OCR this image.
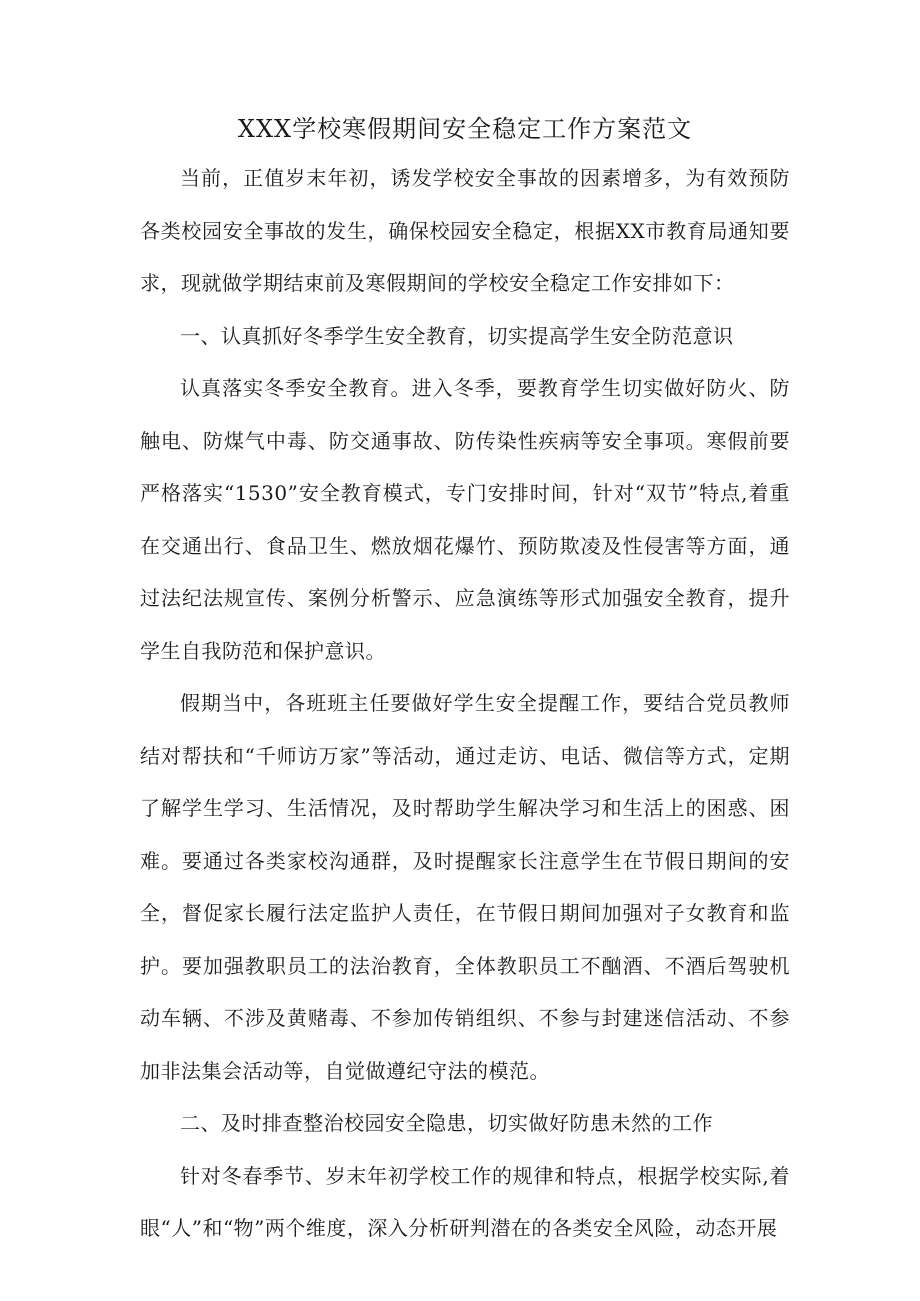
XXX学校寒假期间安全稳定工作方案范文

当前，正值岁末年初，诱发学校安全事故的因素增多，为有效预防各类校园安全事故的发生，确保校园安全稳定，根据XX市教育局通知要求，现就做学期结束前及寒假期间的学校安全稳定工作安排如下：

一、认真抓好冬季学生安全教育，切实提高学生安全防范意识

认真落实冬季安全教育。进入冬季，要教育学生切实做好防火、防触电、防煤气中毒、防交通事故、防传染性疾病等安全事项。寒假前要严格落实“1530”安全教育模式，专门安排时间，针对“双节”特点,着重在交通出行、食品卫生、燃放烟花爆竹、预防欺凌及性侵害等方面，通过法纪法规宣传、案例分析警示、应急演练等形式加强安全教育，提升学生自我防范和保护意识。

假期当中，各班班主任要做好学生安全提醒工作，要结合党员教师结对帮扶和“千师访万家”等活动，通过走访、电话、微信等方式，定期了解学生学习、生活情况，及时帮助学生解决学习和生活上的困惑、困难。要通过各类家校沟通群，及时提醒家长注意学生在节假日期间的安全，督促家长履行法定监护人责任，在节假日期间加强对子女教育和监护。要加强教职员工的法治教育，全体教职员工不酗酒、不酒后驾驶机动车辆、不涉及黄赌毒、不参加传销组织、不参与封建迷信活动、不参加非法集会活动等，自觉做遵纪守法的模范。

二、及时排查整治校园安全隐患，切实做好防患未然的工作

针对冬春季节、岁末年初学校工作的规律和特点，根据学校实际,着眼“人”和“物”两个维度，深入分析研判潜在的各类安全风险，动态开展
